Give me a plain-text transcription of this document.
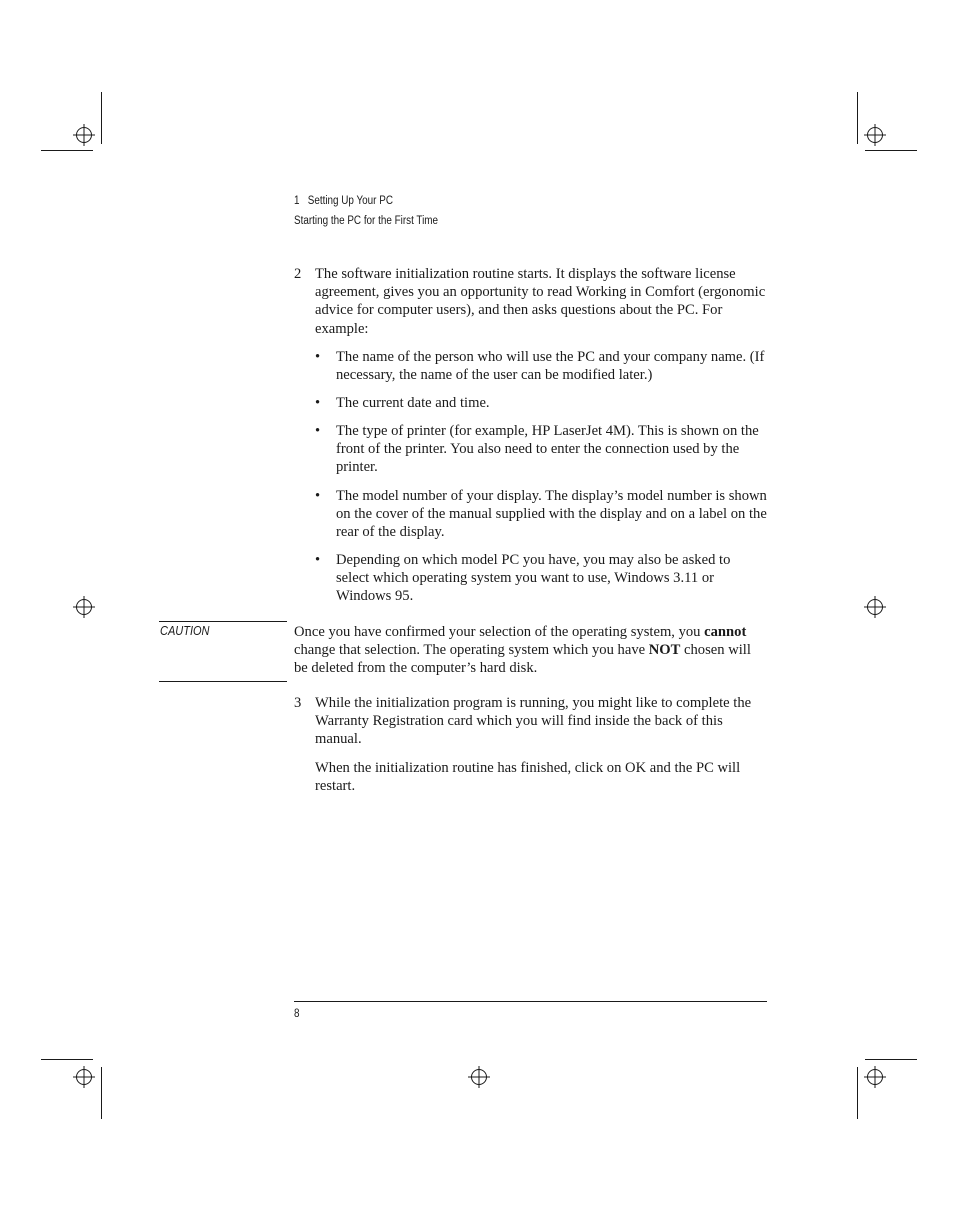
1   Setting Up Your PC
Starting the PC for the First Time
2 The software initialization routine starts. It displays the software license agreement, gives you an opportunity to read Working in Comfort (ergonomic advice for computer users), and then asks questions about the PC. For example:
• The name of the person who will use the PC and your company name. (If necessary, the name of the user can be modified later.)
• The current date and time.
• The type of printer (for example, HP LaserJet 4M). This is shown on the front of the printer. You also need to enter the connection used by the printer.
• The model number of your display. The display’s model number is shown on the cover of the manual supplied with the display and on a label on the rear of the display.
• Depending on which model PC you have, you may also be asked to select which operating system you want to use, Windows 3.11 or Windows 95.
CAUTION	Once you have confirmed your selection of the operating system, you cannot change that selection. The operating system which you have NOT chosen will be deleted from the computer’s hard disk.
3 While the initialization program is running, you might like to complete the Warranty Registration card which you will find inside the back of this manual.
When the initialization routine has finished, click on OK and the PC will restart.
8
